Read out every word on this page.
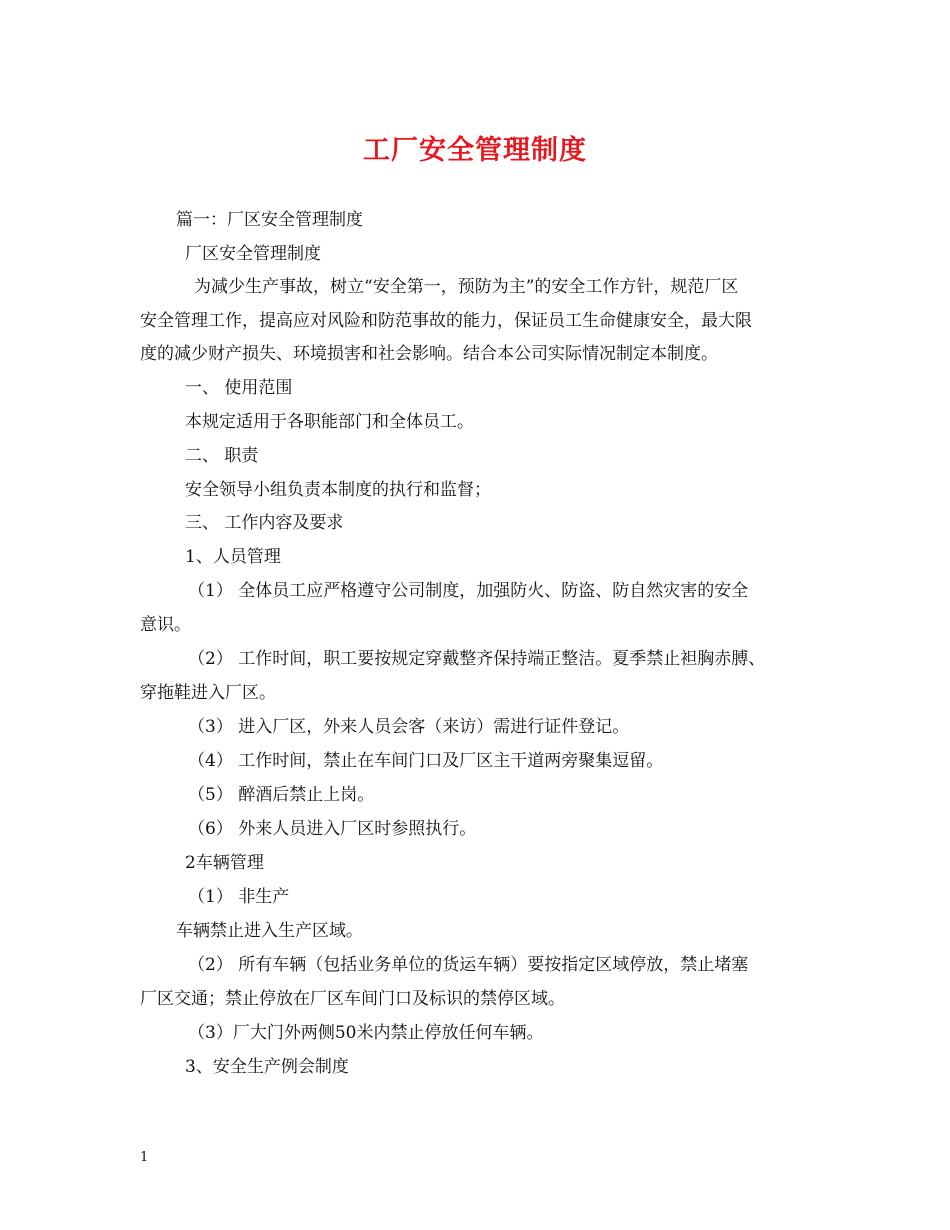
工厂安全管理制度
篇一：厂区安全管理制度
厂区安全管理制度
为减少生产事故，树立“安全第一，预防为主”的安全工作方针，规范厂区
安全管理工作，提高应对风险和防范事故的能力，保证员工生命健康安全，最大限
度的减少财产损失、环境损害和社会影响。结合本公司实际情况制定本制度。
一、 使用范围
本规定适用于各职能部门和全体员工。
二、 职责
安全领导小组负责本制度的执行和监督；
三、 工作内容及要求
1、人员管理
（1） 全体员工应严格遵守公司制度，加强防火、防盗、防自然灾害的安全
意识。
（2） 工作时间，职工要按规定穿戴整齐保持端正整洁。夏季禁止袒胸赤膊、
穿拖鞋进入厂区。
（3） 进入厂区，外来人员会客（来访）需进行证件登记。
（4） 工作时间，禁止在车间门口及厂区主干道两旁聚集逗留。
（5） 醉酒后禁止上岗。
（6） 外来人员进入厂区时参照执行。
2车辆管理
（1） 非生产
车辆禁止进入生产区域。
（2） 所有车辆（包括业务单位的货运车辆）要按指定区域停放，禁止堵塞
厂区交通；禁止停放在厂区车间门口及标识的禁停区域。
（3）厂大门外两侧50米内禁止停放任何车辆。
3、安全生产例会制度
1
